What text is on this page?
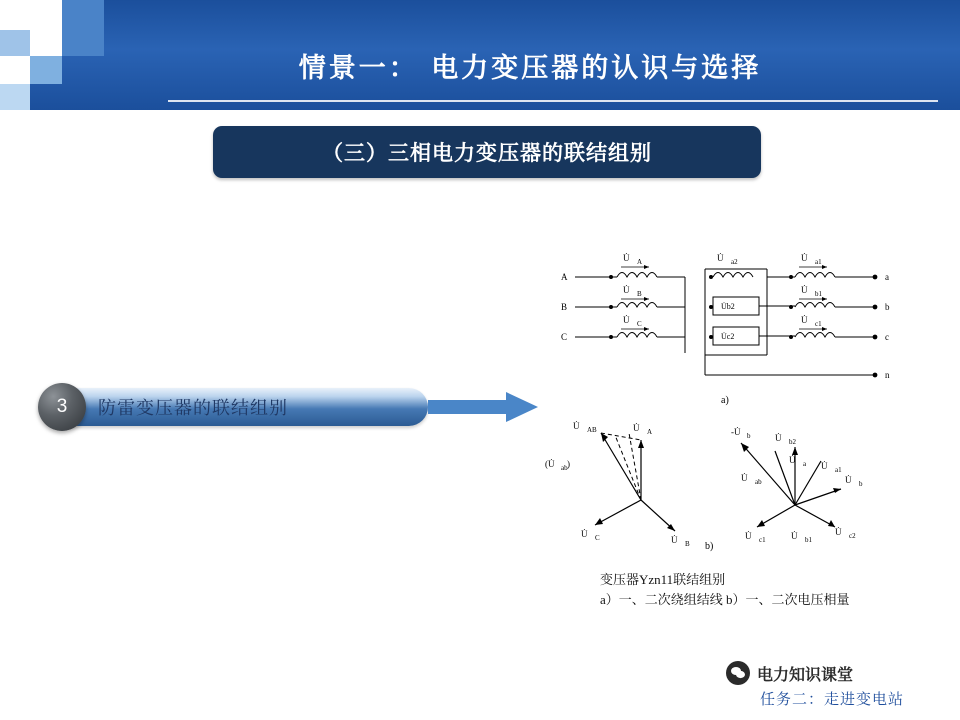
情景一： 电力变压器的认识与选择
（三）三相电力变压器的联结组别
防雷变压器的联结组别
3
A
B
C
a
b
c
n
U̇ A
U̇ B
U̇ C
U̇ a2
U̇b2
U̇c2
U̇ a1
U̇ b1
U̇ c1
a)
U̇ AB	U̇ A
(U̇ ab )
U̇ C	U̇ B
-U̇ b	U̇ b2
U̇ ab
U̇ a U̇ a1
U̇ b
U̇ c1	U̇ b1
U̇ c2
b)
变压器Yzn11联结组别
a）一、二次绕组结线 b）一、二次电压相量
电力知识课堂
任务二：走进变电站
